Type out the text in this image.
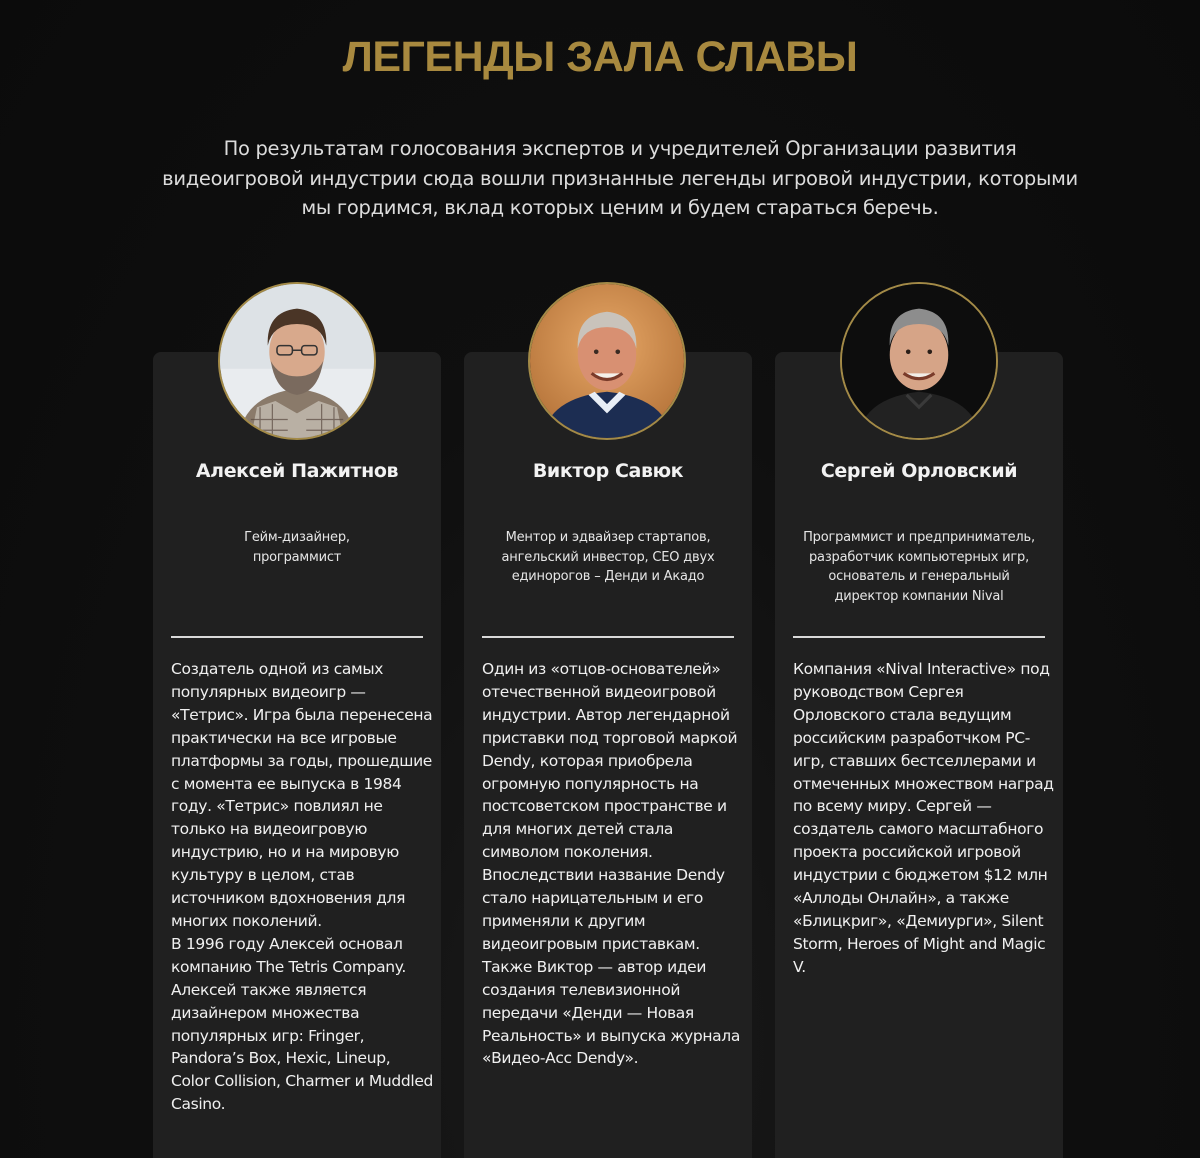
ЛЕГЕНДЫ ЗАЛА СЛАВЫ

По результатам голосования экспертов и учредителей Организации развития видеоигровой индустрии сюда вошли признанные легенды игровой индустрии, которыми мы гордимся, вклад которых ценим и будем стараться беречь.

Алексей Пажитнов
Гейм-дизайнер,
программист
Создатель одной из самых популярных видеоигр — «Тетрис». Игра была перенесена практически на все игровые платформы за годы, прошедшие с момента ее выпуска в 1984 году. «Тетрис» повлиял не только на видеоигровую индустрию, но и на мировую культуру в целом, став источником вдохновения для многих поколений.
В 1996 году Алексей основал компанию The Tetris Company. Алексей также является дизайнером множества популярных игр: Fringer, Pandora’s Box, Hexic, Lineup, Color Collision, Charmer и Muddled Casino.
Виктор Савюк
Ментор и эдвайзер стартапов, ангельский инвестор, СЕО двух единорогов – Денди и Акадо
Один из «отцов-основателей» отечественной видеоигровой индустрии. Автор легендарной приставки под торговой маркой Dendy, которая приобрела огромную популярность на постсоветском пространстве и для многих детей стала символом поколения.
Впоследствии название Dendy стало нарицательным и его применяли к другим видеоигровым приставкам.
Также Виктор — автор идеи создания телевизионной передачи «Денди — Новая Реальность» и выпуска журнала «Видео-Асс Dendy».
Сергей Орловский
Программист и предприниматель, разработчик компьютерных игр, основатель и генеральный директор компании Nival
Компания «Nival Interactive» под руководством Сергея Орловского стала ведущим российским разработчком PC-игр, ставших бестселлерами и отмеченных множеством наград по всему миру. Сергей — создатель самого масштабного проекта российской игровой индустрии с бюджетом $12 млн «Аллоды Онлайн», а также «Блицкриг», «Демиурги», Silent Storm, Heroes of Might and Magic V.
